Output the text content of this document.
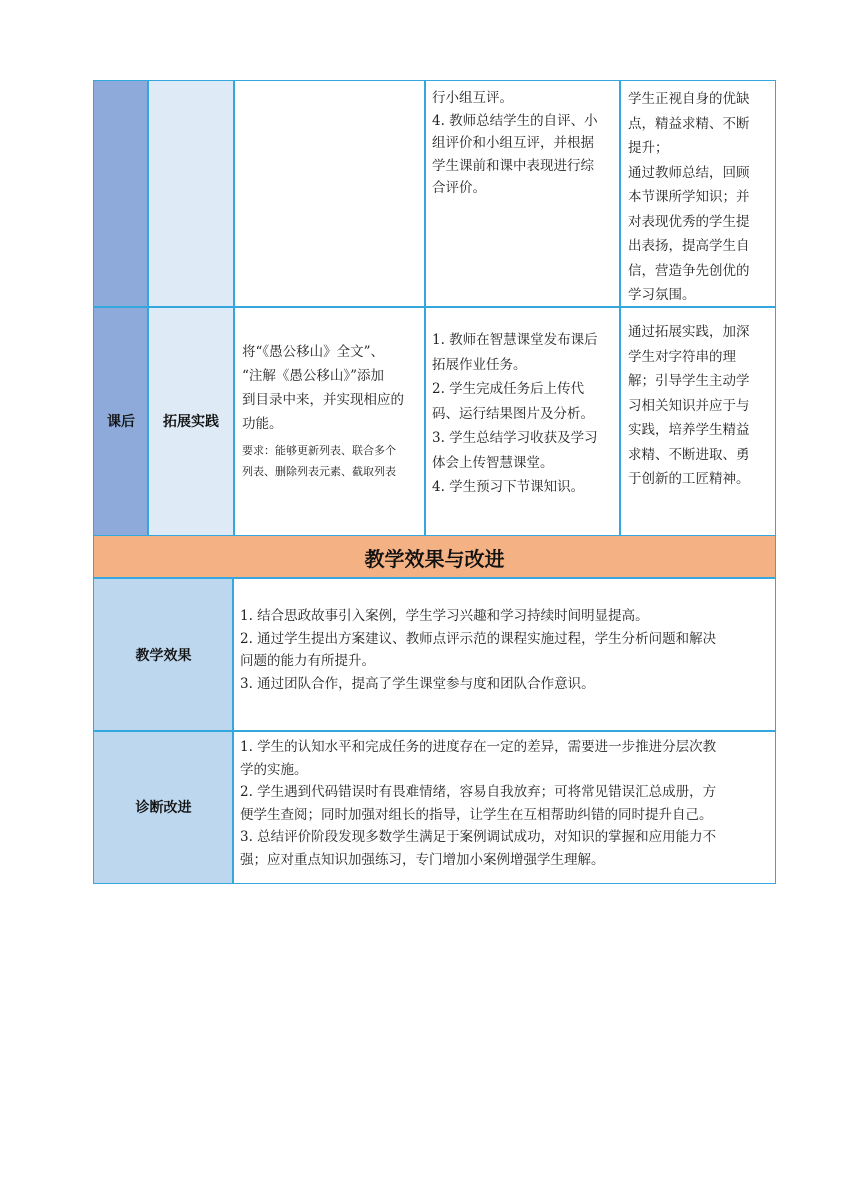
行小组互评。

4. 教师总结学生的自评、小

组评价和小组互评，并根据

学生课前和课中表现进行综

合评价。

学生正视自身的优缺

点，精益求精、不断

提升；

通过教师总结，回顾

本节课所学知识；并

对表现优秀的学生提

出表扬，提高学生自

信，营造争先创优的

学习氛围。

课后	拓展实践

将“《愚公移山》全文”、

“注解《愚公移山》”添加

到目录中来，并实现相应的

功能。

要求：能够更新列表、联合多个

列表、删除列表元素、截取列表

1. 教师在智慧课堂发布课后

拓展作业任务。

2. 学生完成任务后上传代

码、运行结果图片及分析。

3. 学生总结学习收获及学习

体会上传智慧课堂。

4. 学生预习下节课知识。

通过拓展实践，加深

学生对字符串的理

解；引导学生主动学

习相关知识并应于与

实践，培养学生精益

求精、不断进取、勇

于创新的工匠精神。

教学效果与改进
教学效果

1. 结合思政故事引入案例，学生学习兴趣和学习持续时间明显提高。

2. 通过学生提出方案建议、教师点评示范的课程实施过程，学生分析问题和解决

问题的能力有所提升。

3. 通过团队合作，提高了学生课堂参与度和团队合作意识。

诊断改进

1. 学生的认知水平和完成任务的进度存在一定的差异，需要进一步推进分层次教

学的实施。

2. 学生遇到代码错误时有畏难情绪，容易自我放弃；可将常见错误汇总成册，方

便学生查阅；同时加强对组长的指导，让学生在互相帮助纠错的同时提升自己。

3. 总结评价阶段发现多数学生满足于案例调试成功，对知识的掌握和应用能力不

强；应对重点知识加强练习，专门增加小案例增强学生理解。
